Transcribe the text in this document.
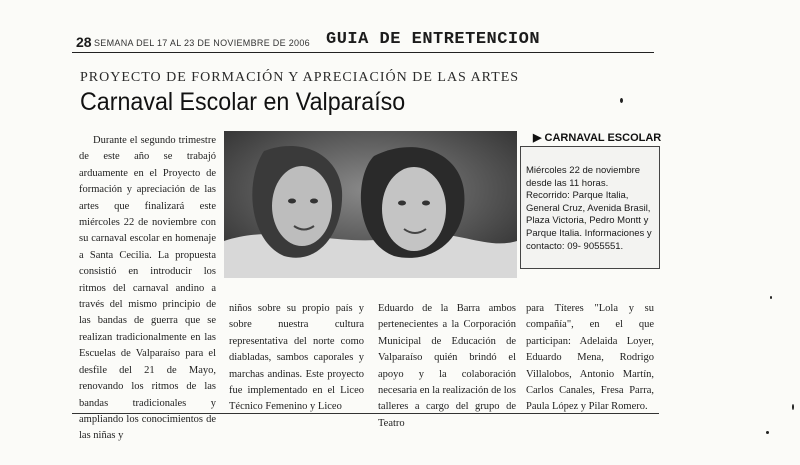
28 SEMANA DEL 17 AL 23 DE NOVIEMBRE DE 2006 GUIA DE ENTRETENCION
PROYECTO DE FORMACIÓN Y APRECIACIÓN DE LAS ARTES
Carnaval Escolar en Valparaíso

Durante el segundo trimestre de este año se trabajó arduamente en el Proyecto de formación y apreciación de las artes que finalizará este miércoles 22 de noviembre con su carnaval escolar en homenaje a Santa Cecilia. La propuesta consistió en introducir los ritmos del carnaval andino a través del mismo principio de las bandas de guerra que se realizan tradicionalmente en las Escuelas de Valparaíso para el desfile del 21 de Mayo, renovando los ritmos de las bandas tradicionales y ampliando los conocimientos de las niñas y

niños sobre su propio país y sobre nuestra cultura representativa del norte como diabladas, sambos caporales y marchas andinas. Este proyecto fue implementado en el Liceo Técnico Femenino y Liceo

Eduardo de la Barra ambos pertenecientes a la Corporación Municipal de Educación de Valparaíso quién brindó el apoyo y la colaboración necesaria en la realización de los talleres a cargo del grupo de Teatro

para Títeres "Lola y su compañía", en el que participan: Adelaida Loyer, Eduardo Mena, Rodrigo Villalobos, Antonio Martín, Carlos Canales, Fresa Parra, Paula López y Pilar Romero.

▶ CARNAVAL ESCOLAR
Miércoles 22 de noviembre desde las 11 horas. Recorrido: Parque Italia, General Cruz, Avenida Brasil, Plaza Victoria, Pedro Montt y Parque Italia. Informaciones y contacto: 09- 9055551.
